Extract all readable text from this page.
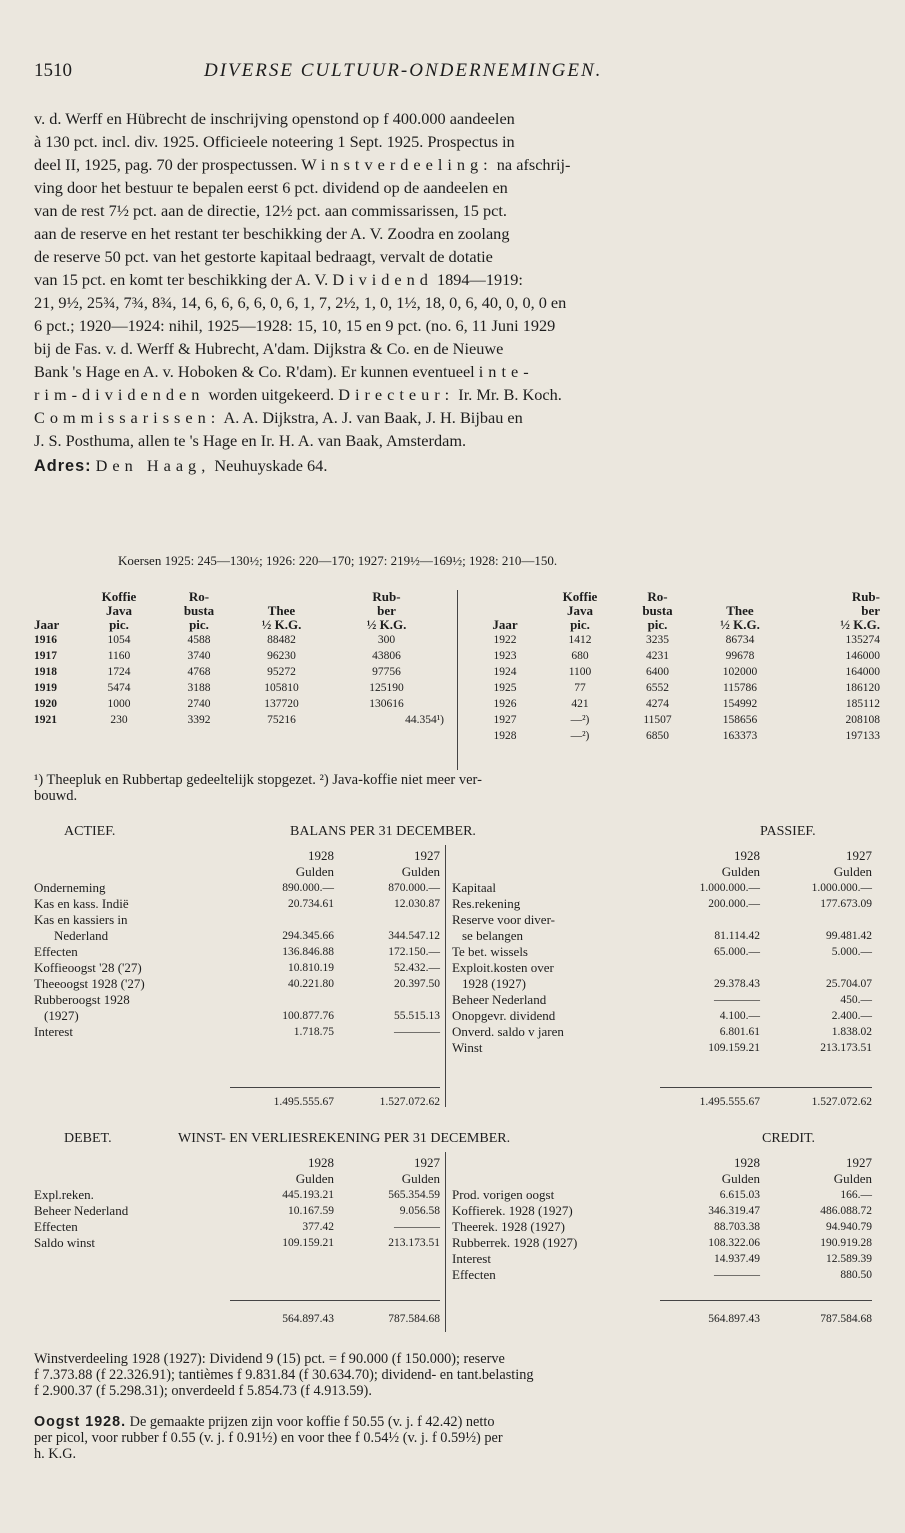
1510	DIVERSE CULTUUR-ONDERNEMINGEN.
v. d. Werff en Hübrecht de inschrijving openstond op f 400.000 aandeelen
à 130 pct. incl. div. 1925. Officieele noteering 1 Sept. 1925. Prospectus in
deel II, 1925, pag. 70 der prospectussen. Winstverdeeling: na afschrij-
ving door het bestuur te bepalen eerst 6 pct. dividend op de aandeelen en
van de rest 7½ pct. aan de directie, 12½ pct. aan commissarissen, 15 pct.
aan de reserve en het restant ter beschikking der A. V. Zoodra en zoolang
de reserve 50 pct. van het gestorte kapitaal bedraagt, vervalt de dotatie
van 15 pct. en komt ter beschikking der A. V. Dividend 1894—1919:
21, 9½, 25¾, 7¾, 8¾, 14, 6, 6, 6, 6, 0, 6, 1, 7, 2½, 1, 0, 1½, 18, 0, 6, 40, 0, 0, 0 en
6 pct.; 1920—1924: nihil, 1925—1928: 15, 10, 15 en 9 pct. (no. 6, 11 Juni 1929
bij de Fas. v. d. Werff & Hubrecht, A'dam. Dijkstra & Co. en de Nieuwe
Bank 's Hage en A. v. Hoboken & Co. R'dam). Er kunnen eventueel inte-
rim-dividenden worden uitgekeerd. Directeur: Ir. Mr. B. Koch.
Commissarissen: A. A. Dijkstra, A. J. van Baak, J. H. Bijbau en
J. S. Posthuma, allen te 's Hage en Ir. H. A. van Baak, Amsterdam.
Adres: Den Haag, Neuhuyskade 64.
Koersen 1925: 245—130½; 1926: 220—170; 1927: 219½—169½; 1928: 210—150.
	Koffie	Ro-		Rub-
	Java	busta	Thee	ber
Jaar	pic.	pic.	½ K.G.	½ K.G.
1916	1054	4588	88482	300
1917	1160	3740	96230	43806
1918	1724	4768	95272	97756
1919	5474	3188	105810	125190
1920	1000	2740	137720	130616
1921	230	3392	75216	44.354¹)
	Koffie	Ro-		Rub-
	Java	busta	Thee	ber
Jaar	pic.	pic.	½ K.G.	½ K.G.
1922	1412	3235	86734	135274
1923	680	4231	99678	146000
1924	1100	6400	102000	164000
1925	77	6552	115786	186120
1926	421	4274	154992	185112
1927	—²)	11507	158656	208108
1928	—²)	6850	163373	197133
¹) Theepluk en Rubbertap gedeeltelijk stopgezet. ²) Java-koffie niet meer ver-
bouwd.
ACTIEF.	BALANS PER 31 DECEMBER.	PASSIEF.
	1928	1927
	Gulden	Gulden
Onderneming	890.000.—	870.000.—
Kas en kass. Indië	20.734.61	12.030.87
Kas en kassiers in		
Nederland	294.345.66	344.547.12
Effecten	136.846.88	172.150.—
Koffieoogst '28 ('27)	10.810.19	52.432.—
Theeoogst 1928 ('27)	40.221.80	20.397.50
Rubberoogst 1928		
(1927)	100.877.76	55.515.13
Interest	1.718.75	————
	1928	1927
	Gulden	Gulden
Kapitaal	1.000.000.—	1.000.000.—
Res.rekening	200.000.—	177.673.09
Reserve voor diver-		
se belangen	81.114.42	99.481.42
Te bet. wissels	65.000.—	5.000.—
Exploit.kosten over		
1928 (1927)	29.378.43	25.704.07
Beheer Nederland	————	450.—
Onopgevr. dividend	4.100.—	2.400.—
Onverd. saldo v jaren	6.801.61	1.838.02
Winst	109.159.21	213.173.51
1.495.555.67	1.527.072.62	1.495.555.67	1.527.072.62
DEBET.	WINST- EN VERLIESREKENING PER 31 DECEMBER.	CREDIT.
	1928	1927
	Gulden	Gulden
Expl.reken.	445.193.21	565.354.59
Beheer Nederland	10.167.59	9.056.58
Effecten	377.42	————
Saldo winst	109.159.21	213.173.51
	1928	1927
	Gulden	Gulden
Prod. vorigen oogst	6.615.03	166.—
Koffierek. 1928 (1927)	346.319.47	486.088.72
Theerek. 1928 (1927)	88.703.38	94.940.79
Rubberrek. 1928 (1927)	108.322.06	190.919.28
Interest	14.937.49	12.589.39
Effecten	————	880.50
564.897.43	787.584.68	564.897.43	787.584.68
Winstverdeeling 1928 (1927): Dividend 9 (15) pct. = f 90.000 (f 150.000); reserve
f 7.373.88 (f 22.326.91); tantièmes f 9.831.84 (f 30.634.70); dividend- en tant.belasting
f 2.900.37 (f 5.298.31); onverdeeld f 5.854.73 (f 4.913.59).
Oogst 1928. De gemaakte prijzen zijn voor koffie f 50.55 (v. j. f 42.42) netto
per picol, voor rubber f 0.55 (v. j. f 0.91½) en voor thee f 0.54½ (v. j. f 0.59½) per
h. K.G.
